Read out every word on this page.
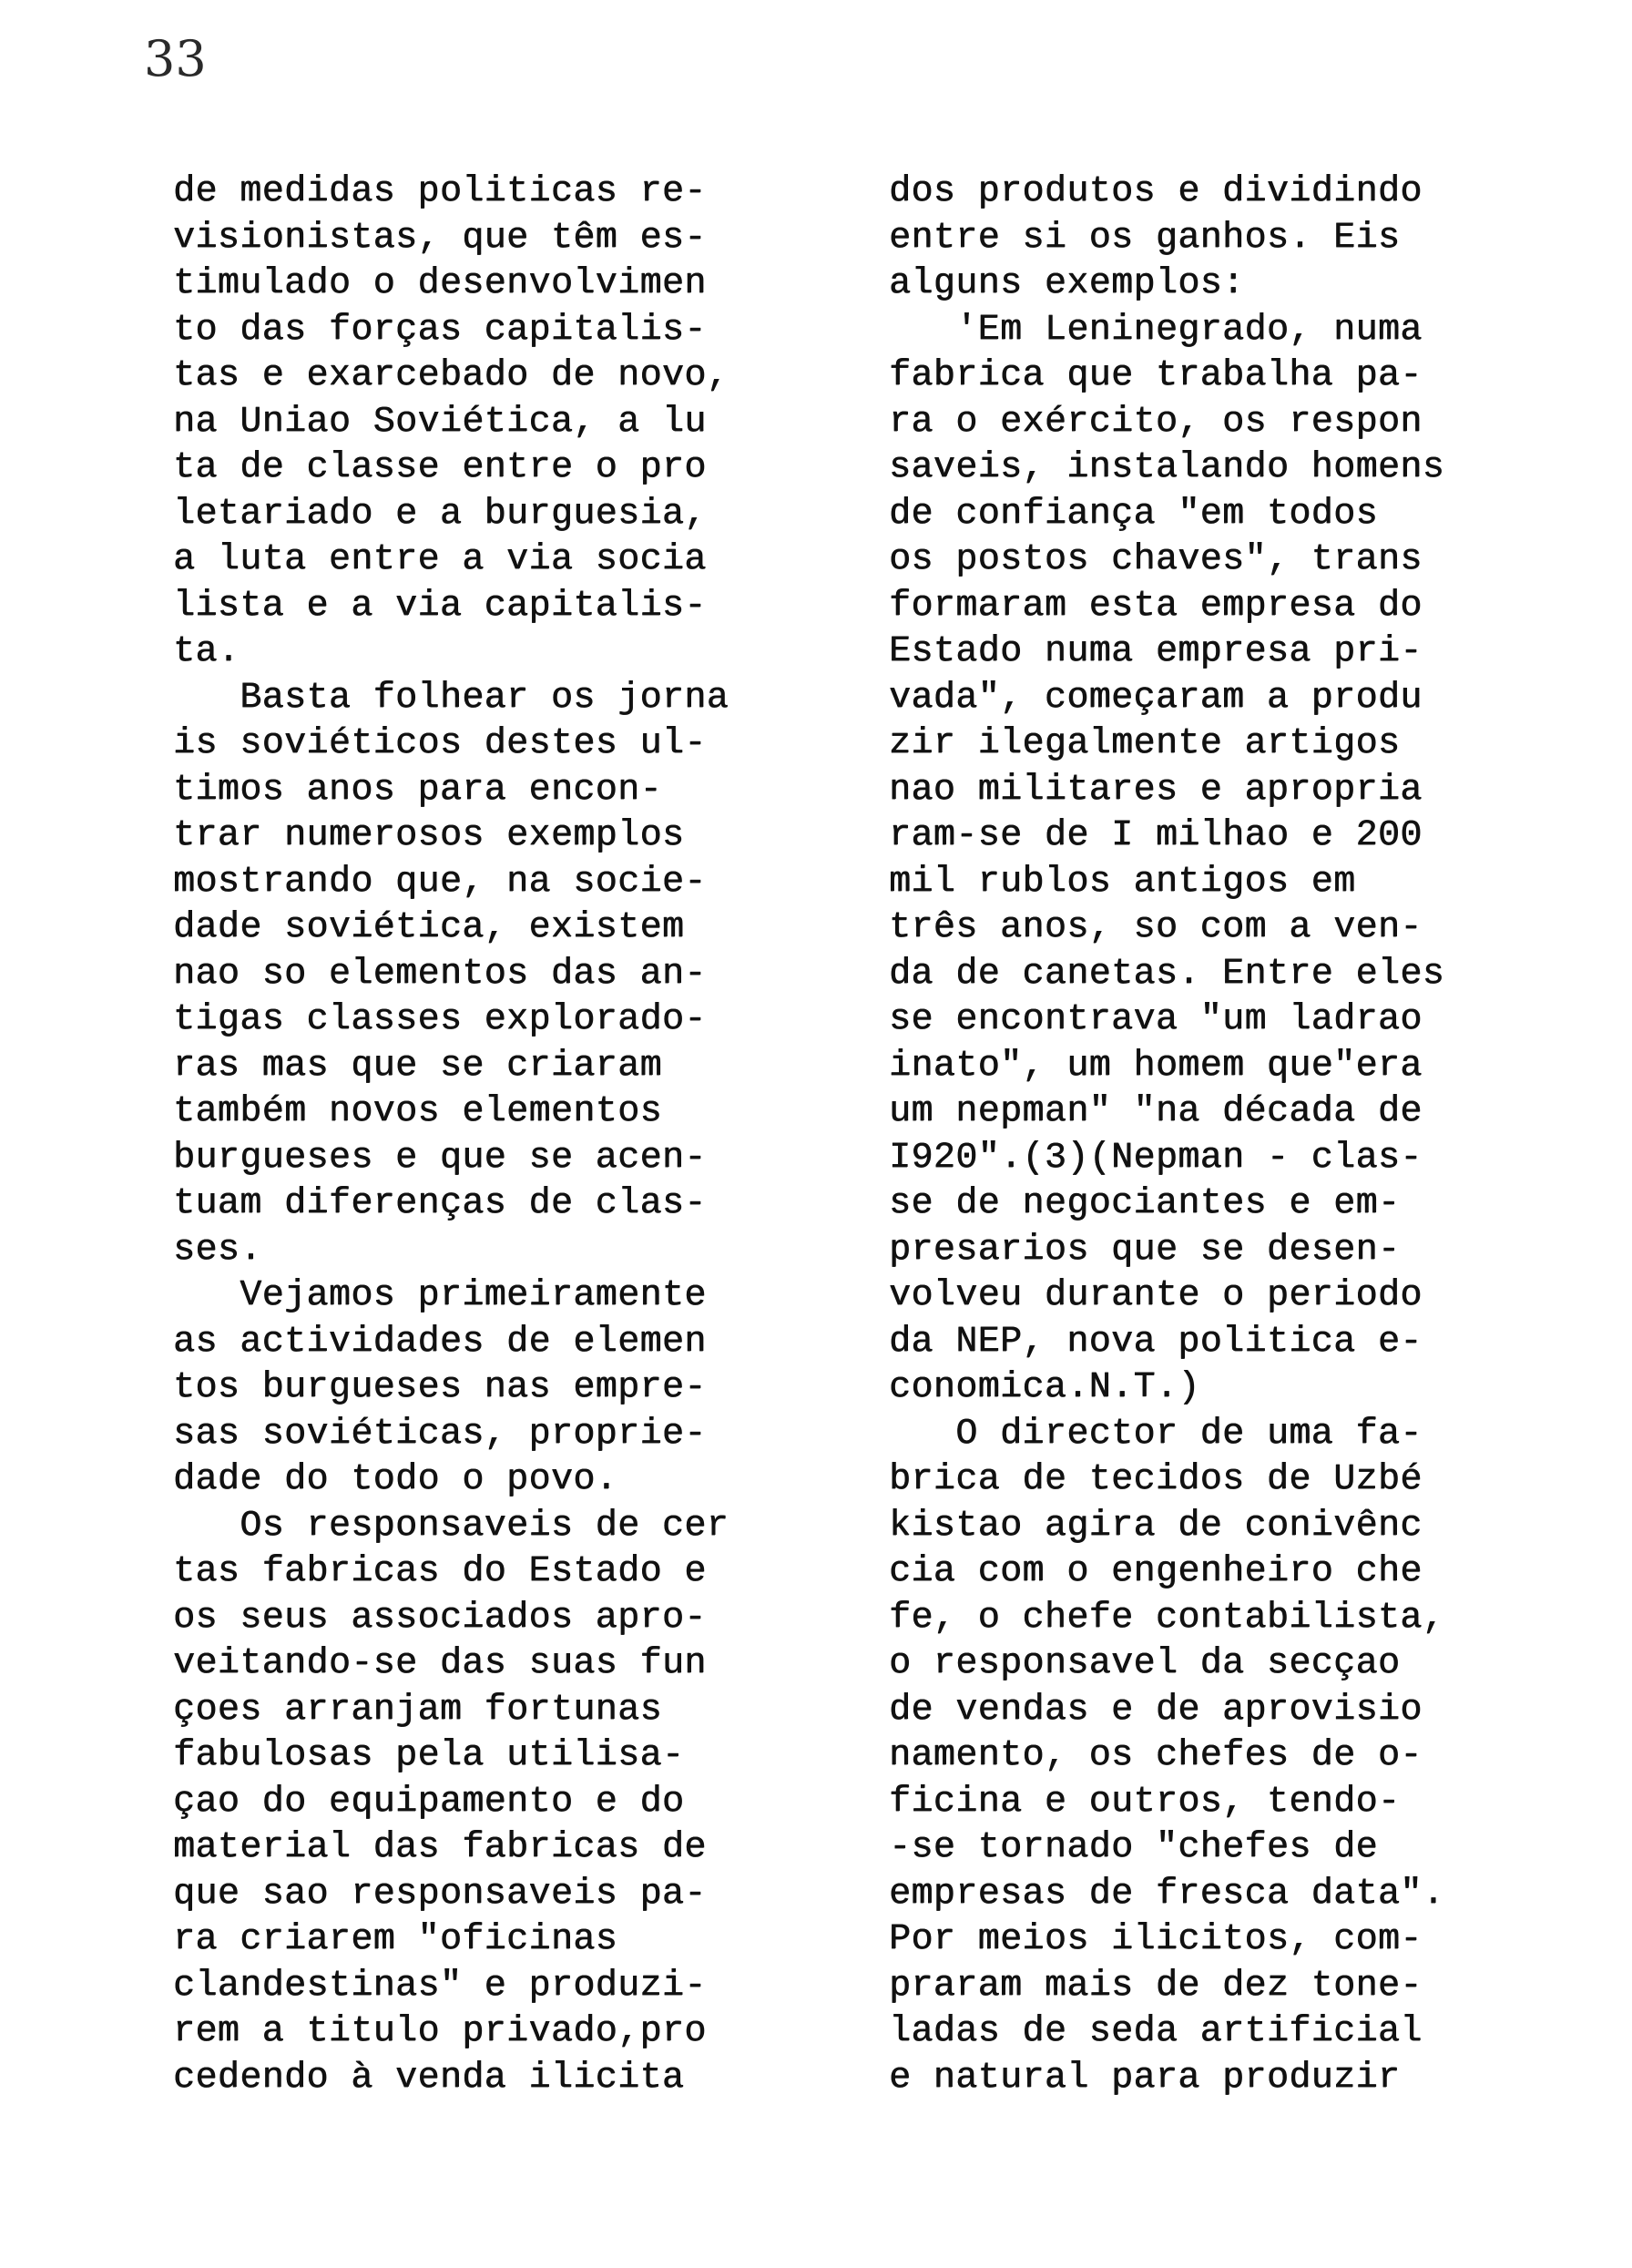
33
de medidas politicas re-
visionistas, que têm es-
timulado o desenvolvimen
to das forças capitalis-
tas e exarcebado de novo,
na Uniao Soviética, a lu
ta de classe entre o pro
letariado e a burguesia,
a luta entre a via socia
lista e a via capitalis-
ta.
Basta folhear os jorna
is soviéticos destes ul-
timos anos para encon-
trar numerosos exemplos
mostrando que, na socie-
dade soviética, existem
nao so elementos das an-
tigas classes explorado-
ras mas que se criaram
também novos elementos
burgueses e que se acen-
tuam diferenças de clas-
ses.
Vejamos primeiramente
as actividades de elemen
tos burgueses nas empre-
sas soviéticas, proprie-
dade do todo o povo.
Os responsaveis de cer
tas fabricas do Estado e
os seus associados apro-
veitando-se das suas fun
çoes arranjam fortunas
fabulosas pela utilisa-
çao do equipamento e do
material das fabricas de
que sao responsaveis pa-
ra criarem "oficinas
clandestinas" e produzi-
rem a titulo privado,pro
cedendo à venda ilicita
dos produtos e dividindo
entre si os ganhos. Eis
alguns exemplos:
'Em Leninegrado, numa
fabrica que trabalha pa-
ra o exército, os respon
saveis, instalando homens
de confiança "em todos
os postos chaves", trans
formaram esta empresa do
Estado numa empresa pri-
vada", começaram a produ
zir ilegalmente artigos
nao militares e apropria
ram-se de I milhao e 200
mil rublos antigos em
três anos, so com a ven-
da de canetas. Entre eles
se encontrava "um ladrao
inato", um homem que"era
um nepman" "na década de
I920".(3)(Nepman - clas-
se de negociantes e em-
presarios que se desen-
volveu durante o periodo
da NEP, nova politica e-
conomica.N.T.)
O director de uma fa-
brica de tecidos de Uzbé
kistao agira de conivênc
cia com o engenheiro che
fe, o chefe contabilista,
o responsavel da secçao
de vendas e de aprovisio
namento, os chefes de o-
ficina e outros, tendo-
-se tornado "chefes de
empresas de fresca data".
Por meios ilicitos, com-
praram mais de dez tone-
ladas de seda artificial
e natural para produzir
